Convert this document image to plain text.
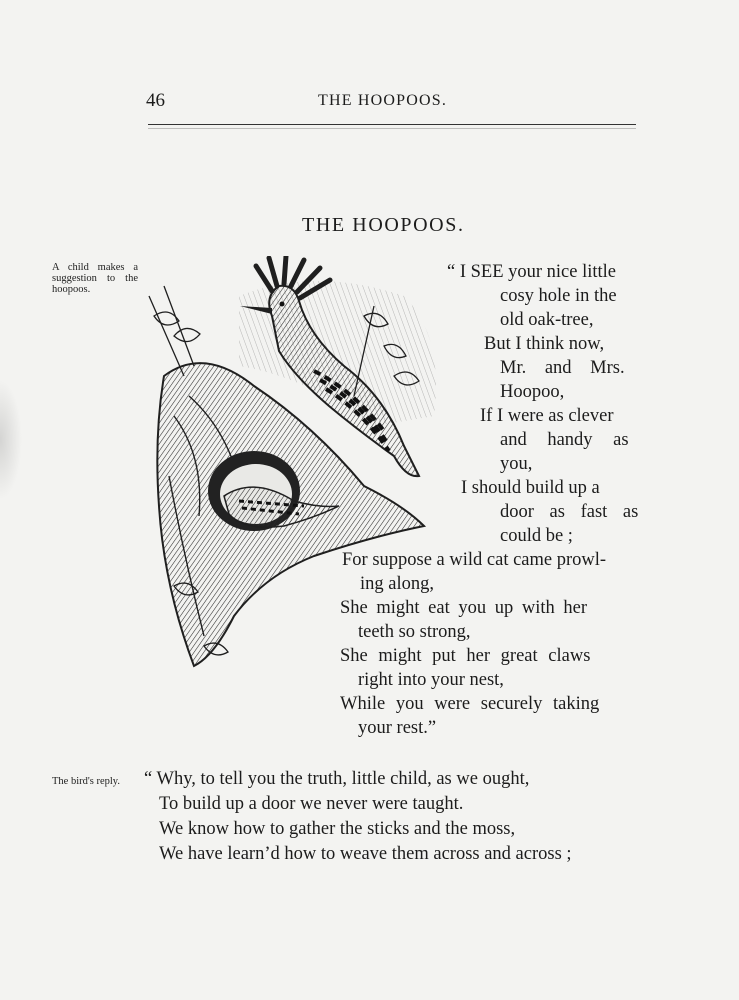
46	THE HOOPOOS.
THE HOOPOOS.
A child makes a suggestion to the hoopoos.
The bird's reply.
“ I SEE your nice little
cosy hole in the
old oak-tree,
But I think now,
Mr. and Mrs.
Hoopoo,
If I were as clever
and handy as
you,
I should build up a
door as fast as
could be ;
For suppose a wild cat came prowl-
ing along,
She might eat you up with her
teeth so strong,
She might put her great claws
right into your nest,
While you were securely taking
your rest.”
“ Why, to tell you the truth, little child, as we ought,
To build up a door we never were taught.
We know how to gather the sticks and the moss,
We have learn’d how to weave them across and across ;
